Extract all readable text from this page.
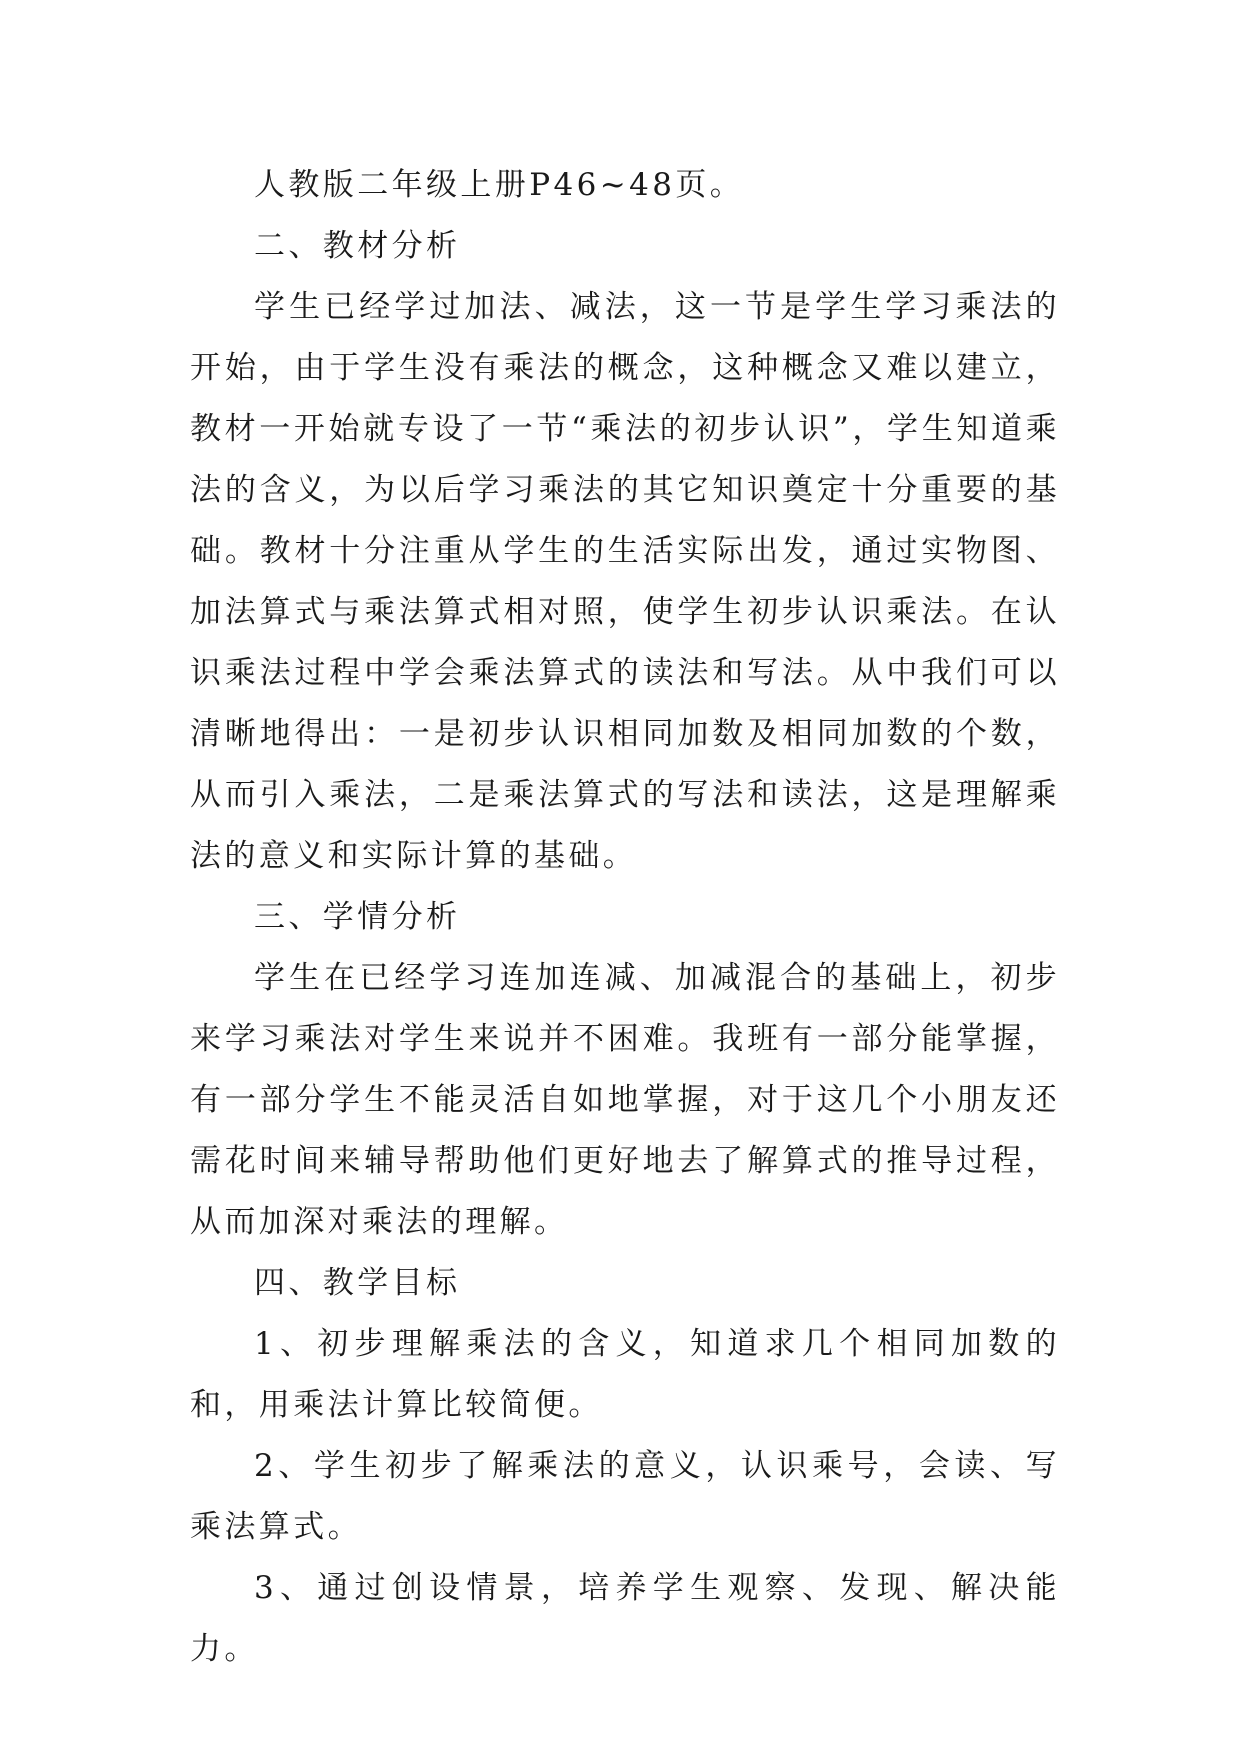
人教版二年级上册P46~48页。

二、教材分析

学生已经学过加法、减法，这一节是学生学习乘法的开始，由于学生没有乘法的概念，这种概念又难以建立，教材一开始就专设了一节“乘法的初步认识”，学生知道乘法的含义，为以后学习乘法的其它知识奠定十分重要的基础。教材十分注重从学生的生活实际出发，通过实物图、加法算式与乘法算式相对照，使学生初步认识乘法。在认识乘法过程中学会乘法算式的读法和写法。从中我们可以清晰地得出：一是初步认识相同加数及相同加数的个数，从而引入乘法，二是乘法算式的写法和读法，这是理解乘法的意义和实际计算的基础。

三、学情分析

学生在已经学习连加连减、加减混合的基础上，初步来学习乘法对学生来说并不困难。我班有一部分能掌握，有一部分学生不能灵活自如地掌握，对于这几个小朋友还需花时间来辅导帮助他们更好地去了解算式的推导过程，从而加深对乘法的理解。

四、教学目标

1、初步理解乘法的含义，知道求几个相同加数的和，用乘法计算比较简便。

2、学生初步了解乘法的意义，认识乘号，会读、写乘法算式。

3、通过创设情景，培养学生观察、发现、解决能力。
